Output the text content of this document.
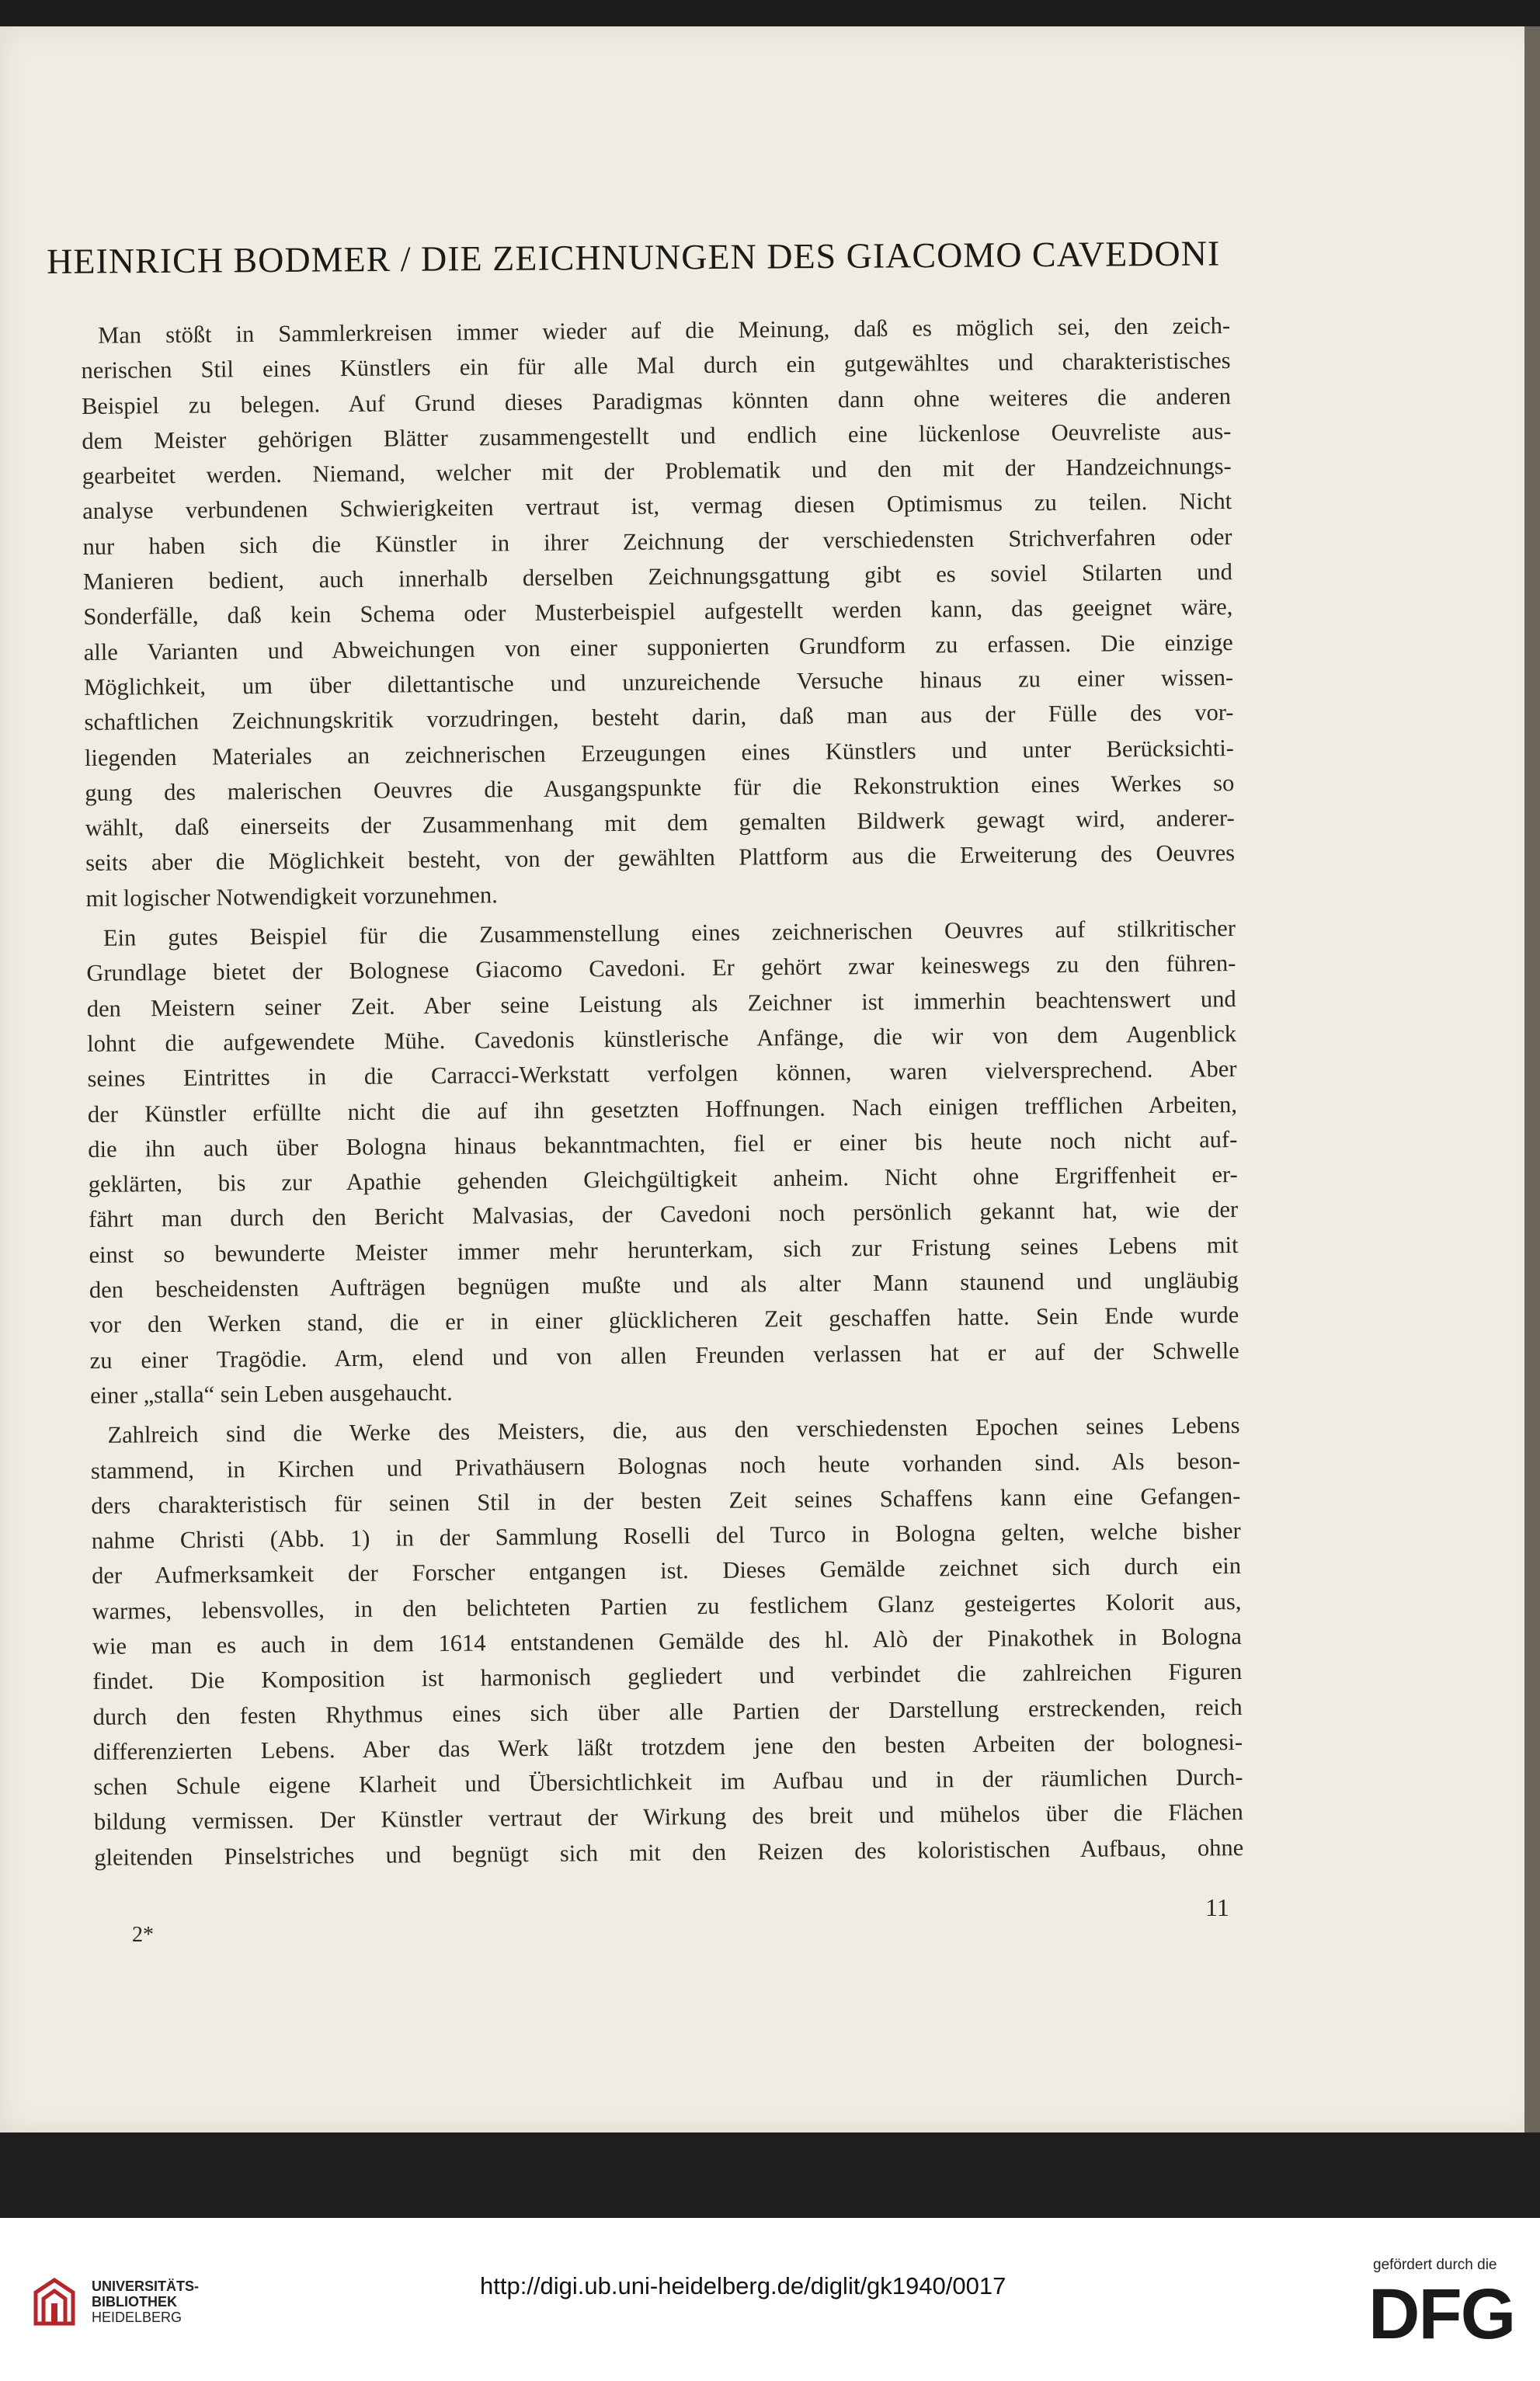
HEINRICH BODMER / DIE ZEICHNUNGEN DES GIACOMO CAVEDONI
Man stößt in Sammlerkreisen immer wieder auf die Meinung, daß es möglich sei, den zeich-
nerischen Stil eines Künstlers ein für alle Mal durch ein gutgewähltes und charakteristisches
Beispiel zu belegen. Auf Grund dieses Paradigmas könnten dann ohne weiteres die anderen
dem Meister gehörigen Blätter zusammengestellt und endlich eine lückenlose Oeuvreliste aus-
gearbeitet werden. Niemand, welcher mit der Problematik und den mit der Handzeichnungs-
analyse verbundenen Schwierigkeiten vertraut ist, vermag diesen Optimismus zu teilen. Nicht
nur haben sich die Künstler in ihrer Zeichnung der verschiedensten Strichverfahren oder
Manieren bedient, auch innerhalb derselben Zeichnungsgattung gibt es soviel Stilarten und
Sonderfälle, daß kein Schema oder Musterbeispiel aufgestellt werden kann, das geeignet wäre,
alle Varianten und Abweichungen von einer supponierten Grundform zu erfassen. Die einzige
Möglichkeit, um über dilettantische und unzureichende Versuche hinaus zu einer wissen-
schaftlichen Zeichnungskritik vorzudringen, besteht darin, daß man aus der Fülle des vor-
liegenden Materiales an zeichnerischen Erzeugungen eines Künstlers und unter Berücksichti-
gung des malerischen Oeuvres die Ausgangspunkte für die Rekonstruktion eines Werkes so
wählt, daß einerseits der Zusammenhang mit dem gemalten Bildwerk gewagt wird, anderer-
seits aber die Möglichkeit besteht, von der gewählten Plattform aus die Erweiterung des Oeuvres
mit logischer Notwendigkeit vorzunehmen.
Ein gutes Beispiel für die Zusammenstellung eines zeichnerischen Oeuvres auf stilkritischer
Grundlage bietet der Bolognese Giacomo Cavedoni. Er gehört zwar keineswegs zu den führen-
den Meistern seiner Zeit. Aber seine Leistung als Zeichner ist immerhin beachtenswert und
lohnt die aufgewendete Mühe. Cavedonis künstlerische Anfänge, die wir von dem Augenblick
seines Eintrittes in die Carracci-Werkstatt verfolgen können, waren vielversprechend. Aber
der Künstler erfüllte nicht die auf ihn gesetzten Hoffnungen. Nach einigen trefflichen Arbeiten,
die ihn auch über Bologna hinaus bekanntmachten, fiel er einer bis heute noch nicht auf-
geklärten, bis zur Apathie gehenden Gleichgültigkeit anheim. Nicht ohne Ergriffenheit er-
fährt man durch den Bericht Malvasias, der Cavedoni noch persönlich gekannt hat, wie der
einst so bewunderte Meister immer mehr herunterkam, sich zur Fristung seines Lebens mit
den bescheidensten Aufträgen begnügen mußte und als alter Mann staunend und ungläubig
vor den Werken stand, die er in einer glücklicheren Zeit geschaffen hatte. Sein Ende wurde
zu einer Tragödie. Arm, elend und von allen Freunden verlassen hat er auf der Schwelle
einer „stalla“ sein Leben ausgehaucht.
Zahlreich sind die Werke des Meisters, die, aus den verschiedensten Epochen seines Lebens
stammend, in Kirchen und Privathäusern Bolognas noch heute vorhanden sind. Als beson-
ders charakteristisch für seinen Stil in der besten Zeit seines Schaffens kann eine Gefangen-
nahme Christi (Abb. 1) in der Sammlung Roselli del Turco in Bologna gelten, welche bisher
der Aufmerksamkeit der Forscher entgangen ist. Dieses Gemälde zeichnet sich durch ein
warmes, lebensvolles, in den belichteten Partien zu festlichem Glanz gesteigertes Kolorit aus,
wie man es auch in dem 1614 entstandenen Gemälde des hl. Alò der Pinakothek in Bologna
findet. Die Komposition ist harmonisch gegliedert und verbindet die zahlreichen Figuren
durch den festen Rhythmus eines sich über alle Partien der Darstellung erstreckenden, reich
differenzierten Lebens. Aber das Werk läßt trotzdem jene den besten Arbeiten der bolognesi-
schen Schule eigene Klarheit und Übersichtlichkeit im Aufbau und in der räumlichen Durch-
bildung vermissen. Der Künstler vertraut der Wirkung des breit und mühelos über die Flächen
gleitenden Pinselstriches und begnügt sich mit den Reizen des koloristischen Aufbaus, ohne
11
2*
UNIVERSITÄTS-
BIBLIOTHEK
HEIDELBERG
http://digi.ub.uni-heidelberg.de/diglit/gk1940/0017
gefördert durch die
DFG
